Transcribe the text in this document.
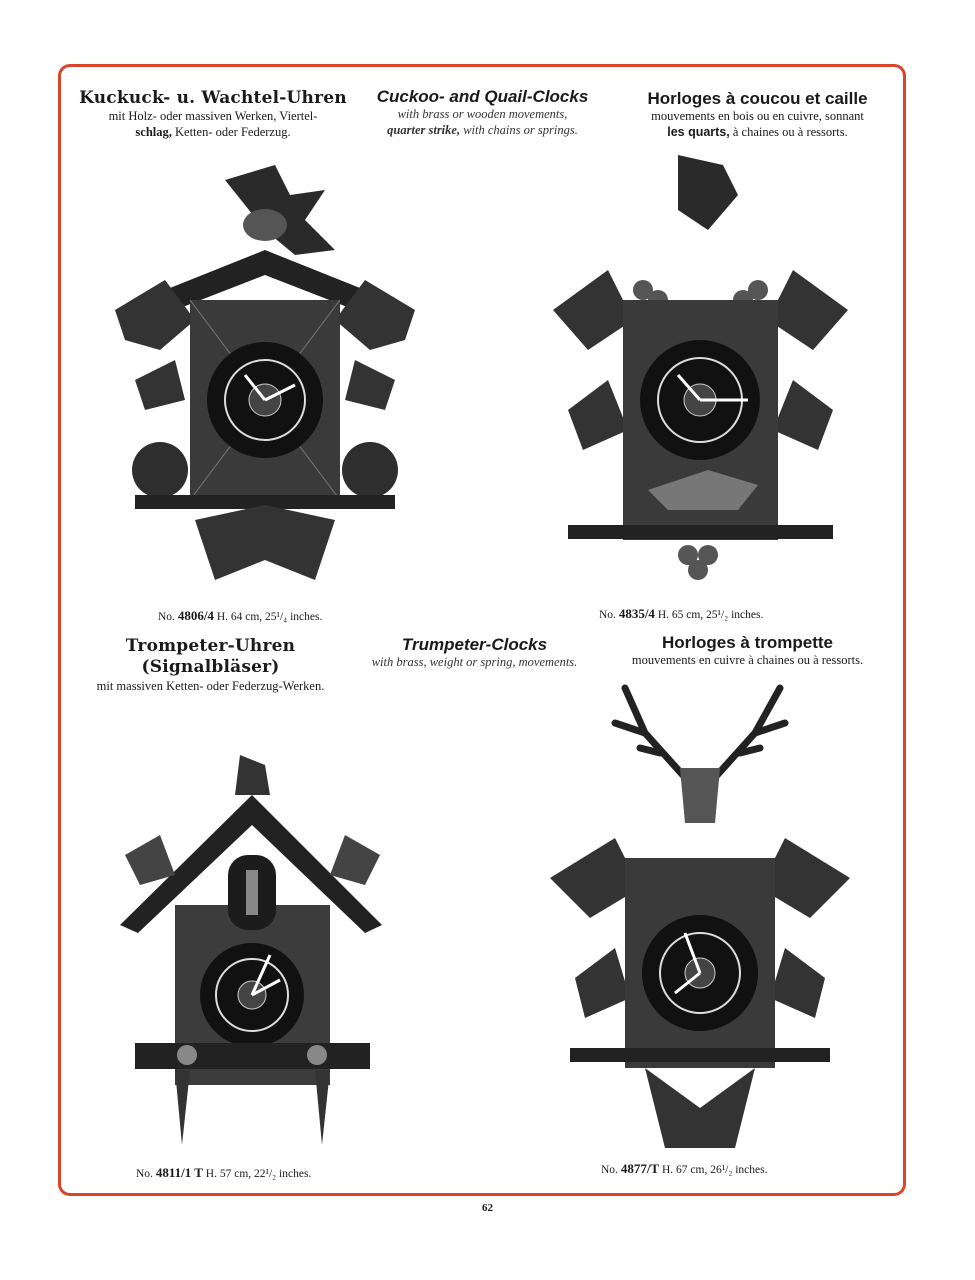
Kuckuck- u. Wachtel-Uhren
mit Holz- oder massiven Werken, Viertel-
schlag, Ketten- oder Federzug.
Cuckoo- and Quail-Clocks
with brass or wooden movements,
quarter strike, with chains or springs.
Horloges à coucou et caille
mouvements en bois ou en cuivre, sonnant
les quarts, à chaines ou à ressorts.
No. 4806/4 H. 64 cm, 25¹/₄ inches.	No. 4835/4 H. 65 cm, 25¹/₂ inches.
Trompeter-Uhren (Signalbläser)
mit massiven Ketten- oder Federzug-Werken.
Trumpeter-Clocks
with brass, weight or spring, movements.
Horloges à trompette
mouvements en cuivre à chaines ou à ressorts.
No. 4811/1 T H. 57 cm, 22¹/₂ inches.	No. 4877/T H. 67 cm, 26¹/₂ inches.
62
